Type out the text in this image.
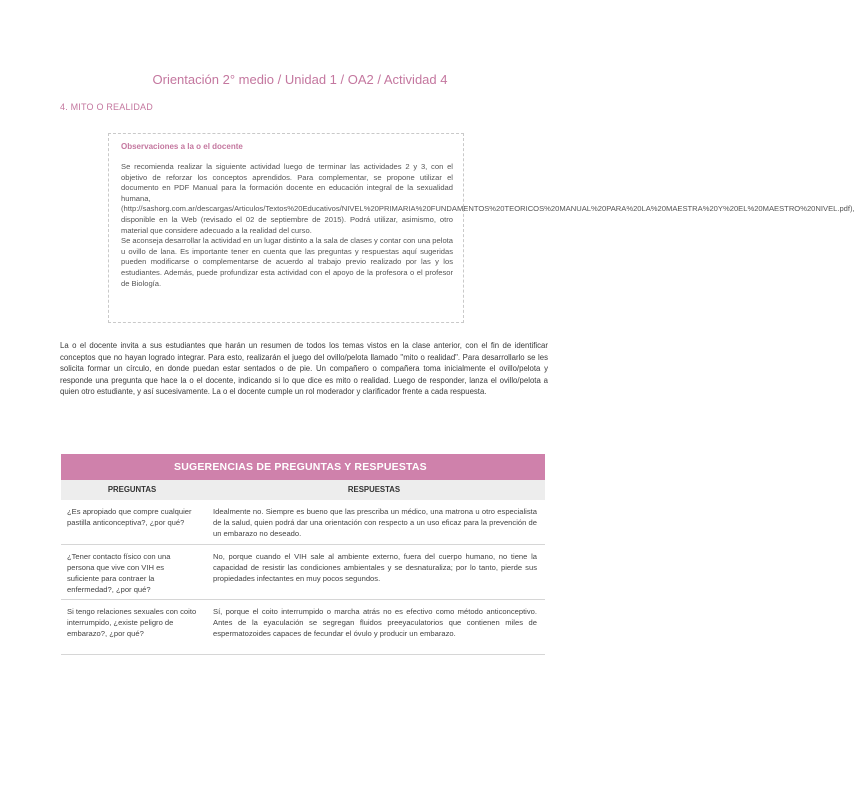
Orientación 2° medio / Unidad 1 / OA2 / Actividad 4
4. MITO O REALIDAD
Observaciones a la o el docente

Se recomienda realizar la siguiente actividad luego de terminar las actividades 2 y 3, con el objetivo de reforzar los conceptos aprendidos. Para complementar, se propone utilizar el documento en PDF Manual para la formación docente en educación integral de la sexualidad humana, (http://sashorg.com.ar/descargas/Articulos/Textos%20Educativos/NIVEL%20PRIMARIA%20FUNDAMENTOS%20TEORICOS%20MANUAL%20PARA%20LA%20MAESTRA%20Y%20EL%20MAESTRO%20NIVEL.pdf), disponible en la Web (revisado el 02 de septiembre de 2015). Podrá utilizar, asimismo, otro material que considere adecuado a la realidad del curso.

Se aconseja desarrollar la actividad en un lugar distinto a la sala de clases y contar con una pelota u ovillo de lana. Es importante tener en cuenta que las preguntas y respuestas aquí sugeridas pueden modificarse o complementarse de acuerdo al trabajo previo realizado por las y los estudiantes. Además, puede profundizar esta actividad con el apoyo de la profesora o el profesor de Biología.

La o el docente invita a sus estudiantes que harán un resumen de todos los temas vistos en la clase anterior, con el fin de identificar conceptos que no hayan logrado integrar. Para esto, realizarán el juego del ovillo/pelota llamado "mito o realidad". Para desarrollarlo se les solicita formar un círculo, en donde puedan estar sentados o de pie. Un compañero o compañera toma inicialmente el ovillo/pelota y responde una pregunta que hace la o el docente, indicando si lo que dice es mito o realidad. Luego de responder, lanza el ovillo/pelota a quien otro estudiante, y así sucesivamente. La o el docente cumple un rol moderador y clarificador frente a cada respuesta.
SUGERENCIAS DE PREGUNTAS Y RESPUESTAS
PREGUNTAS	RESPUESTAS
¿Es apropiado que compre cualquier pastilla anticonceptiva?, ¿por qué?
Idealmente no. Siempre es bueno que las prescriba un médico, una matrona u otro especialista de la salud, quien podrá dar una orientación con respecto a un uso eficaz para la prevención de un embarazo no deseado.
¿Tener contacto físico con una persona que vive con VIH es suficiente para contraer la enfermedad?, ¿por qué?
No, porque cuando el VIH sale al ambiente externo, fuera del cuerpo humano, no tiene la capacidad de resistir las condiciones ambientales y se desnaturaliza; por lo tanto, pierde sus propiedades infectantes en muy pocos segundos.
Si tengo relaciones sexuales con coito interrumpido, ¿existe peligro de embarazo?, ¿por qué?
Sí, porque el coito interrumpido o marcha atrás no es efectivo como método anticonceptivo. Antes de la eyaculación se segregan fluidos preeyaculatorios que contienen miles de espermatozoides capaces de fecundar el óvulo y producir un embarazo.
